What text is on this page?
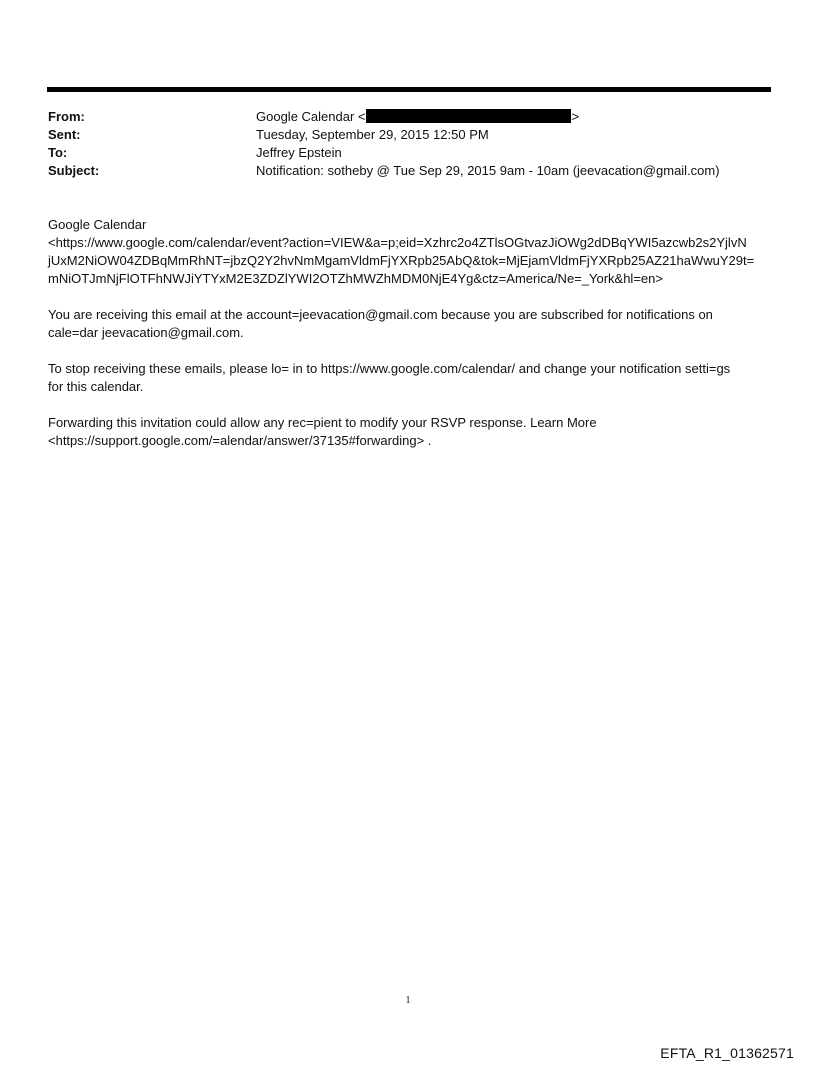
From:	Google Calendar <	>
Sent:	Tuesday, September 29, 2015 12:50 PM
To:	Jeffrey Epstein
Subject:	Notification: sotheby @ Tue Sep 29, 2015 9am - 10am (jeevacation@gmail.com)
Google Calendar
<https://www.google.com/calendar/event?action=VIEW&a=p;eid=Xzhrc2o4ZTlsOGtvazJiOWg2dDBqYWI5azcwb2s2YjlvN
jUxM2NiOW04ZDBqMmRhNT=jbzQ2Y2hvNmMgamVldmFjYXRpb25AbQ&tok=MjEjamVldmFjYXRpb25AZ21haWwuY29t=
mNiOTJmNjFlOTFhNWJiYTYxM2E3ZDZlYWI2OTZhMWZhMDM0NjE4Yg&ctz=America/Ne=_York&hl=en>
You are receiving this email at the account=jeevacation@gmail.com because you are subscribed for notifications on
cale=dar jeevacation@gmail.com.
To stop receiving these emails, please lo= in to https://www.google.com/calendar/ and change your notification setti=gs
for this calendar.
Forwarding this invitation could allow any rec=pient to modify your RSVP response. Learn More
<https://support.google.com/=alendar/answer/37135#forwarding> .
1
EFTA_R1_01362571
